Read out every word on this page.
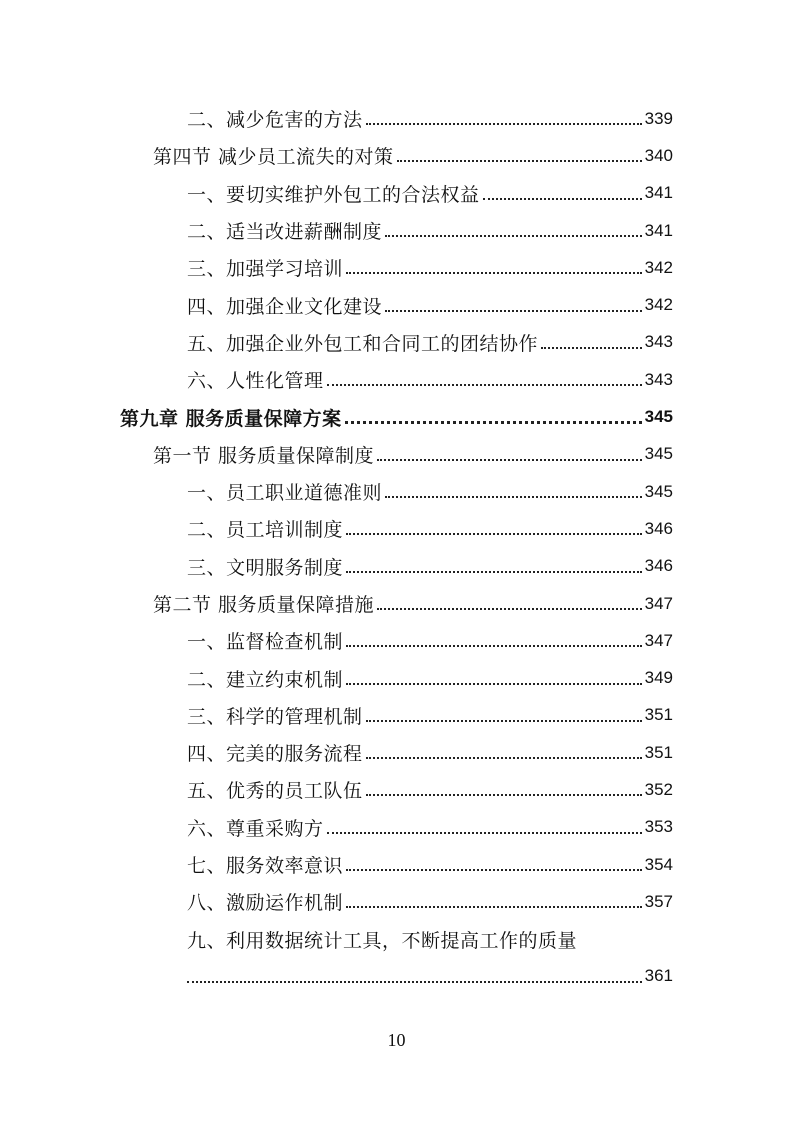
二、减少危害的方法	339
第四节 减少员工流失的对策	340
一、要切实维护外包工的合法权益	341
二、适当改进薪酬制度	341
三、加强学习培训	342
四、加强企业文化建设	342
五、加强企业外包工和合同工的团结协作	343
六、人性化管理	343
第九章 服务质量保障方案	345
第一节 服务质量保障制度	345
一、员工职业道德准则	345
二、员工培训制度	346
三、文明服务制度	346
第二节 服务质量保障措施	347
一、监督检查机制	347
二、建立约束机制	349
三、科学的管理机制	351
四、完美的服务流程	351
五、优秀的员工队伍	352
六、尊重采购方	353
七、服务效率意识	354
八、激励运作机制	357
九、利用数据统计工具，不断提高工作的质量
361
10
